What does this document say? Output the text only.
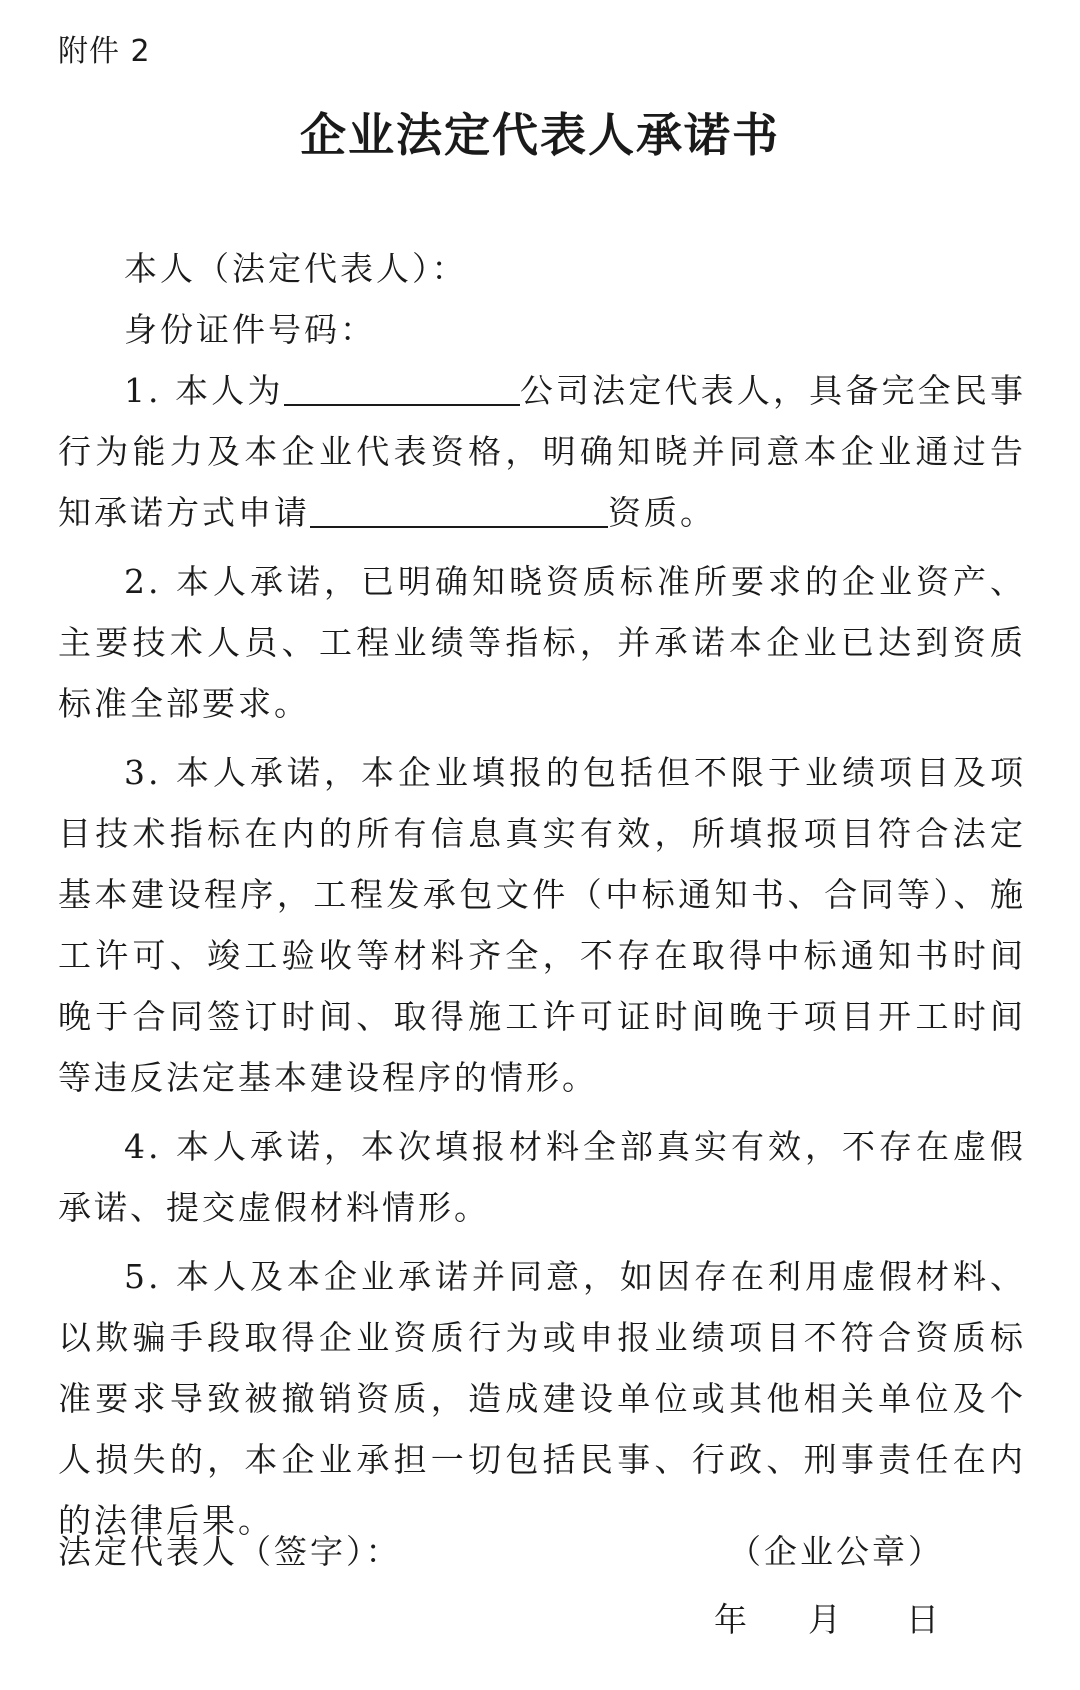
附件 2
企业法定代表人承诺书

本人（法定代表人）：

身份证件号码：

1. 本人为	公司法定代表人，具备完全民事行为能力及本企业代表资格，明确知晓并同意本企业通过告知承诺方式申请	资质。

2. 本人承诺，已明确知晓资质标准所要求的企业资产、主要技术人员、工程业绩等指标，并承诺本企业已达到资质标准全部要求。

3. 本人承诺，本企业填报的包括但不限于业绩项目及项目技术指标在内的所有信息真实有效，所填报项目符合法定基本建设程序，工程发承包文件（中标通知书、合同等）、施工许可、竣工验收等材料齐全，不存在取得中标通知书时间晚于合同签订时间、取得施工许可证时间晚于项目开工时间等违反法定基本建设程序的情形。

4. 本人承诺，本次填报材料全部真实有效，不存在虚假承诺、提交虚假材料情形。

5. 本人及本企业承诺并同意，如因存在利用虚假材料、以欺骗手段取得企业资质行为或申报业绩项目不符合资质标准要求导致被撤销资质，造成建设单位或其他相关单位及个人损失的，本企业承担一切包括民事、行政、刑事责任在内的法律后果。

法定代表人（签字）：	（企业公章）
年 月 日
